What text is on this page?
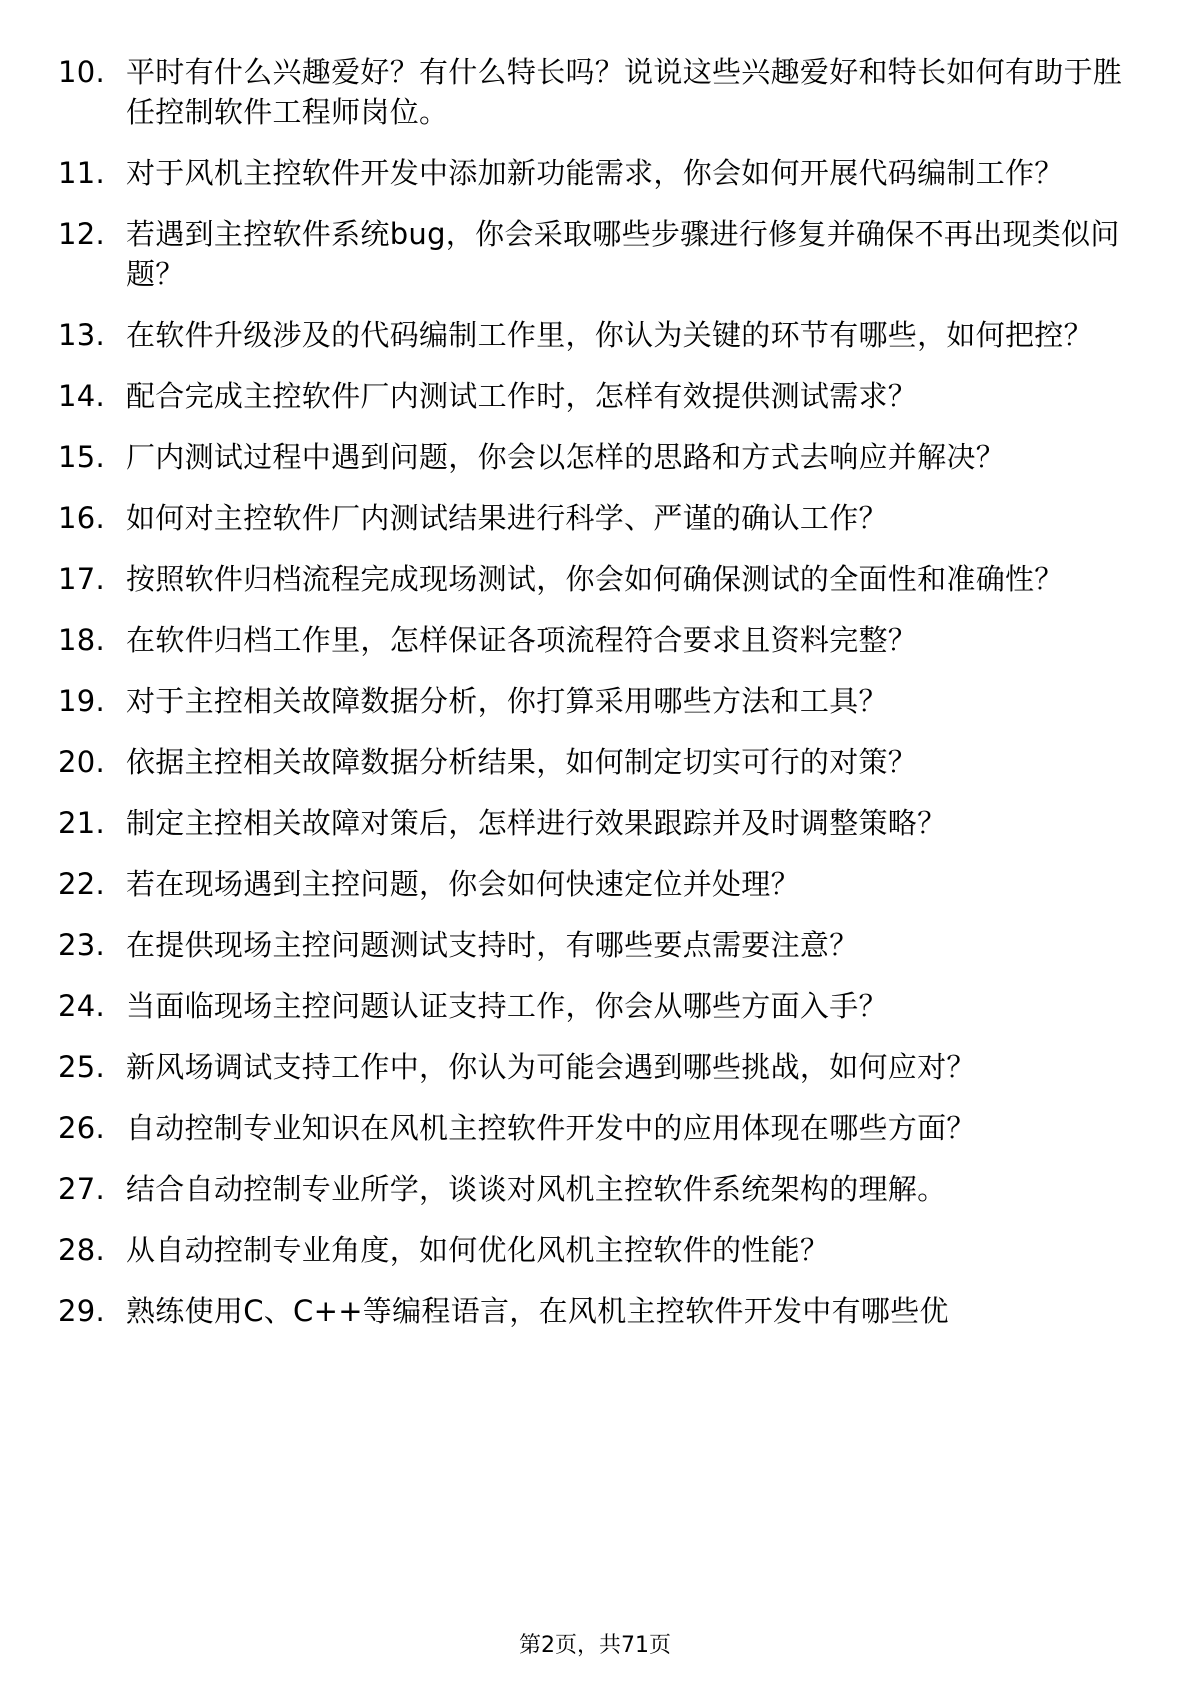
10. 平时有什么兴趣爱好？有什么特长吗？说说这些兴趣爱好和特长如何有助于胜任控制软件工程师岗位。
11. 对于风机主控软件开发中添加新功能需求，你会如何开展代码编制工作？
12. 若遇到主控软件系统bug，你会采取哪些步骤进行修复并确保不再出现类似问题？
13. 在软件升级涉及的代码编制工作里，你认为关键的环节有哪些，如何把控？
14. 配合完成主控软件厂内测试工作时，怎样有效提供测试需求？
15. 厂内测试过程中遇到问题，你会以怎样的思路和方式去响应并解决？
16. 如何对主控软件厂内测试结果进行科学、严谨的确认工作？
17. 按照软件归档流程完成现场测试，你会如何确保测试的全面性和准确性？
18. 在软件归档工作里，怎样保证各项流程符合要求且资料完整？
19. 对于主控相关故障数据分析，你打算采用哪些方法和工具？
20. 依据主控相关故障数据分析结果，如何制定切实可行的对策？
21. 制定主控相关故障对策后，怎样进行效果跟踪并及时调整策略？
22. 若在现场遇到主控问题，你会如何快速定位并处理？
23. 在提供现场主控问题测试支持时，有哪些要点需要注意？
24. 当面临现场主控问题认证支持工作，你会从哪些方面入手？
25. 新风场调试支持工作中，你认为可能会遇到哪些挑战，如何应对？
26. 自动控制专业知识在风机主控软件开发中的应用体现在哪些方面？
27. 结合自动控制专业所学，谈谈对风机主控软件系统架构的理解。
28. 从自动控制专业角度，如何优化风机主控软件的性能？
29. 熟练使用C、C++等编程语言，在风机主控软件开发中有哪些优
第2页，共71页
